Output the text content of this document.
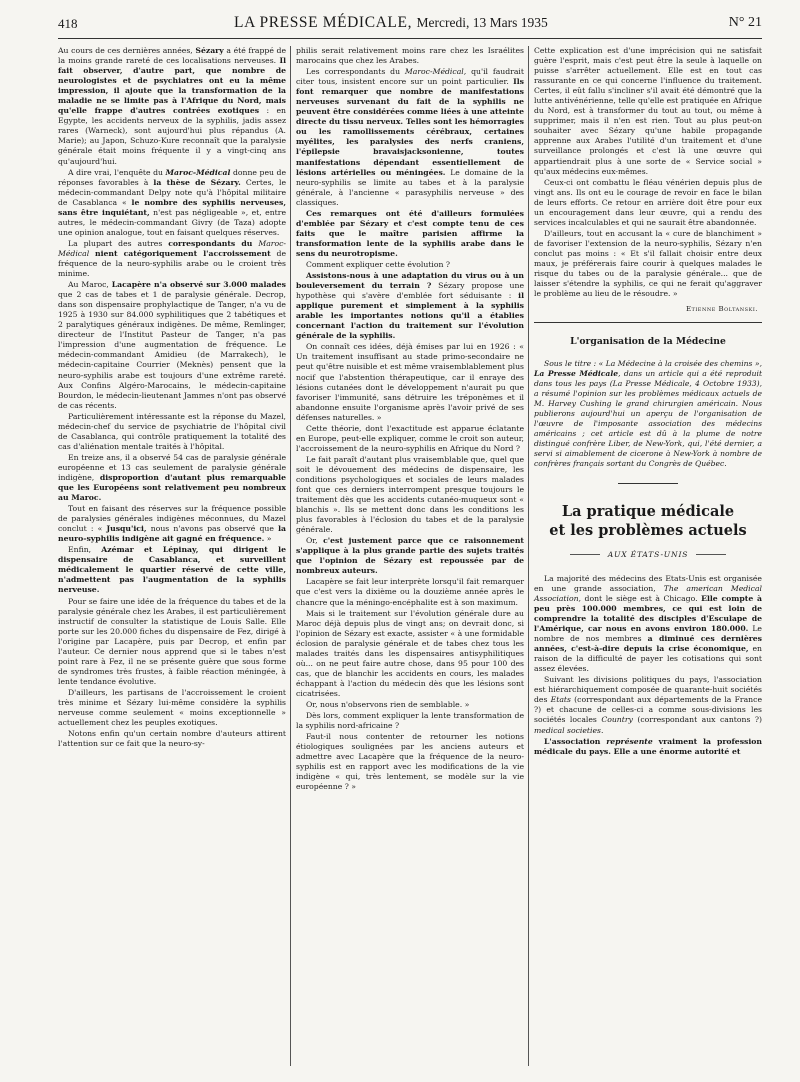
418	LA PRESSE MÉDICALE, Mercredi, 13 Mars 1935	N° 21

Au cours de ces dernières années, Sézary a été frappé de la moins grande rareté de ces localisations nerveuses. Il fait observer, d'autre part, que nombre de neurologistes et de psychiatres ont eu la même impression, il ajoute que la transformation de la maladie ne se limite pas à l'Afrique du Nord, mais qu'elle frappe d'autres contrées exotiques : en Egypte, les accidents nerveux de la syphilis, jadis assez rares (Warneck), sont aujourd'hui plus répandus (A. Marie); au Japon, Schuzo-Kure reconnaît que la paralysie générale était moins fréquente il y a vingt-cinq ans qu'aujourd'hui.

A dire vrai, l'enquête du Maroc-Médical donne peu de réponses favorables à la thèse de Sézary. Certes, le médecin-commandant Delpy note qu'à l'hôpital militaire de Casablanca « le nombre des syphilis nerveuses, sans être inquiétant, n'est pas négligeable », et, entre autres, le médecin-commandant Givry (de Taza) adopte une opinion analogue, tout en faisant quelques réserves.

La plupart des autres correspondants du Maroc-Médical nient catégoriquement l'accroissement de fréquence de la neuro-syphilis arabe ou le croient très minime.

Au Maroc, Lacapère n'a observé sur 3.000 malades que 2 cas de tabes et 1 de paralysie générale. Decrop, dans son dispensaire prophylactique de Tanger, n'a vu de 1925 à 1930 sur 84.000 syphilitiques que 2 tabétiques et 2 paralytiques généraux indigènes. De même, Remlinger, directeur de l'Institut Pasteur de Tanger, n'a pas l'impression d'une augmentation de fréquence. Le médecin-commandant Amidieu (de Marrakech), le médecin-capitaine Courrier (Meknès) pensent que la neuro-syphilis arabe est toujours d'une extrême rareté. Aux Confins Algéro-Marocains, le médecin-capitaine Bourdon, le médecin-lieutenant Jammes n'ont pas observé de cas récents.

Particulièrement intéressante est la réponse du Mazel, médecin-chef du service de psychiatrie de l'hôpital civil de Casablanca, qui contrôle pratiquement la totalité des cas d'aliénation mentale traités à l'hôpital.

En treize ans, il a observé 54 cas de paralysie générale européenne et 13 cas seulement de paralysie générale indigène, disproportion d'autant plus remarquable que les Européens sont relativement peu nombreux au Maroc.

Tout en faisant des réserves sur la fréquence possible de paralysies générales indigènes méconnues, du Mazel conclut : « Jusqu'ici, nous n'avons pas observé que la neuro-syphilis indigène ait gagné en fréquence. »

Enfin, Azémar et Lépinay, qui dirigent le dispensaire de Casablanca, et surveillent médicalement le quartier réservé de cette ville, n'admettent pas l'augmentation de la syphilis nerveuse.

Pour se faire une idée de la fréquence du tabes et de la paralysie générale chez les Arabes, il est particulièrement instructif de consulter la statistique de Louis Salle. Elle porte sur les 20.000 fiches du dispensaire de Fez, dirigé à l'origine par Lacapère, puis par Decrop, et enfin par l'auteur. Ce dernier nous apprend que si le tabes n'est point rare à Fez, il ne se présente guère que sous forme de syndromes très frustes, à faible réaction méningée, à lente tendance évolutive.

D'ailleurs, les partisans de l'accroissement le croient très minime et Sézary lui-même considère la syphilis nerveuse comme seulement « moins exceptionnelle » actuellement chez les peuples exotiques.

Notons enfin qu'un certain nombre d'auteurs attirent l'attention sur ce fait que la neuro-sy-

philis serait relativement moins rare chez les Israélites marocains que chez les Arabes.

Les correspondants du Maroc-Médical, qu'il faudrait citer tous, insistent encore sur un point particulier. Ils font remarquer que nombre de manifestations nerveuses survenant du fait de la syphilis ne peuvent être considérées comme liées à une atteinte directe du tissu nerveux. Telles sont les hémorragies ou les ramollissements cérébraux, certaines myélites, les paralysies des nerfs craniens, l'épilepsie bravaisjacksonienne, toutes manifestations dépendant essentiellement de lésions artérielles ou méningées. Le domaine de la neuro-syphilis se limite au tabes et à la paralysie générale, à l'ancienne « parasyphilis nerveuse » des classiques.

Ces remarques ont été d'ailleurs formulées d'emblée par Sézary et c'est compte tenu de ces faits que le maître parisien affirme la transformation lente de la syphilis arabe dans le sens du neurotropisme.

Comment expliquer cette évolution ?

Assistons-nous à une adaptation du virus ou à un bouleversement du terrain ? Sézary propose une hypothèse qui s'avère d'emblée fort séduisante : il applique purement et simplement à la syphilis arable les importantes notions qu'il a établies concernant l'action du traitement sur l'évolution générale de la syphilis.

On connaît ces idées, déjà émises par lui en 1926 : « Un traitement insuffisant au stade primo-secondaire ne peut qu'être nuisible et est même vraisemblablement plus nocif que l'abstention thérapeutique, car il enraye des lésions cutanées dont le développement n'aurait pu que favoriser l'immunité, sans détruire les tréponèmes et il abandonne ensuite l'organisme après l'avoir privé de ses défenses naturelles. »

Cette théorie, dont l'exactitude est apparue éclatante en Europe, peut-elle expliquer, comme le croit son auteur, l'accroissement de la neuro-syphilis en Afrique du Nord ?

Le fait paraît d'autant plus vraisemblable que, quel que soit le dévouement des médecins de dispensaire, les conditions psychologiques et sociales de leurs malades font que ces derniers interrompent presque toujours le traitement dès que les accidents cutanéo-muqueux sont « blanchis ». Ils se mettent donc dans les conditions les plus favorables à l'éclosion du tabes et de la paralysie générale.

Or, c'est justement parce que ce raisonnement s'applique à la plus grande partie des sujets traités que l'opinion de Sézary est repoussée par de nombreux auteurs.

Lacapère se fait leur interprète lorsqu'il fait remarquer que c'est vers la dixième ou la douzième année après le chancre que la méningo-encéphalite est à son maximum.

Mais si le traitement sur l'évolution générale dure au Maroc déjà depuis plus de vingt ans; on devrait donc, si l'opinion de Sézary est exacte, assister « à une formidable éclosion de paralysie générale et de tabes chez tous les malades traités dans les dispensaires antisyphilitiques où... on ne peut faire autre chose, dans 95 pour 100 des cas, que de blanchir les accidents en cours, les malades échappant à l'action du médecin dès que les lésions sont cicatrisées.

Or, nous n'observons rien de semblable. »

Dès lors, comment expliquer la lente transformation de la syphilis nord-africaine ?

Faut-il nous contenter de retourner les notions étiologiques soulignées par les anciens auteurs et admettre avec Lacapère que la fréquence de la neuro-syphilis est en rapport avec les modifications de la vie indigène « qui, très lentement, se modèle sur la vie européenne ? »

Cette explication est d'une imprécision qui ne satisfait guère l'esprit, mais c'est peut être la seule à laquelle on puisse s'arrêter actuellement. Elle est en tout cas rassurante en ce qui concerne l'influence du traitement. Certes, il eût fallu s'incliner s'il avait été démontré que la lutte antivénérienne, telle qu'elle est pratiquée en Afrique du Nord, est à transformer du tout au tout, ou même à supprimer, mais il n'en est rien. Tout au plus peut-on souhaiter avec Sézary qu'une habile propagande apprenne aux Arabes l'utilité d'un traitement et d'une surveillance prolongés et c'est là une œuvre qui appartiendrait plus à une sorte de « Service social » qu'aux médecins eux-mêmes.

Ceux-ci ont combattu le fléau vénérien depuis plus de vingt ans. Ils ont eu le courage de revoir en face le bilan de leurs efforts. Ce retour en arrière doit être pour eux un encouragement dans leur œuvre, qui a rendu des services incalculables et qui ne saurait être abandonnée.

D'ailleurs, tout en accusant la « cure de blanchiment » de favoriser l'extension de la neuro-syphilis, Sézary n'en conclut pas moins : « Et s'il fallait choisir entre deux maux, je préférerais faire courir à quelques malades le risque du tabes ou de la paralysie générale... que de laisser s'étendre la syphilis, ce qui ne ferait qu'aggraver le problème au lieu de le résoudre. »

Etienne Boltanski.
L'organisation de la Médecine
Sous le titre : « La Médecine à la croisée des chemins », La Presse Médicale, dans un article qui a été reproduit dans tous les pays (La Presse Médicale, 4 Octobre 1933), a résumé l'opinion sur les problèmes médicaux actuels de M. Harvey Cushing le grand chirurgien américain. Nous publierons aujourd'hui un aperçu de l'organisation de l'œuvre de l'imposante association des médecins américains ; cet article est dû à la plume de notre distingué confrère Liber, de New-York, qui, l'été dernier, a servi si aimablement de cicerone à New-York à nombre de confrères français sortant du Congrès de Québec.
La pratique médicale
et les problèmes actuels
AUX ÉTATS-UNIS

La majorité des médecins des Etats-Unis est organisée en une grande association, The american Medical Association, dont le siège est à Chicago. Elle compte à peu près 100.000 membres, ce qui est loin de comprendre la totalité des disciples d'Esculape de l'Amérique, car nous en avons environ 180.000. Le nombre de nos membres a diminué ces dernières années, c'est-à-dire depuis la crise économique, en raison de la difficulté de payer les cotisations qui sont assez élevées.

Suivant les divisions politiques du pays, l'association est hiérarchiquement composée de quarante-huit sociétés des Etats (correspondant aux départements de la France ?) et chacune de celles-ci a comme sous-divisions les sociétés locales Country (correspondant aux cantons ?) medical societies.

L'association représente vraiment la profession médicale du pays. Elle a une énorme autorité et
